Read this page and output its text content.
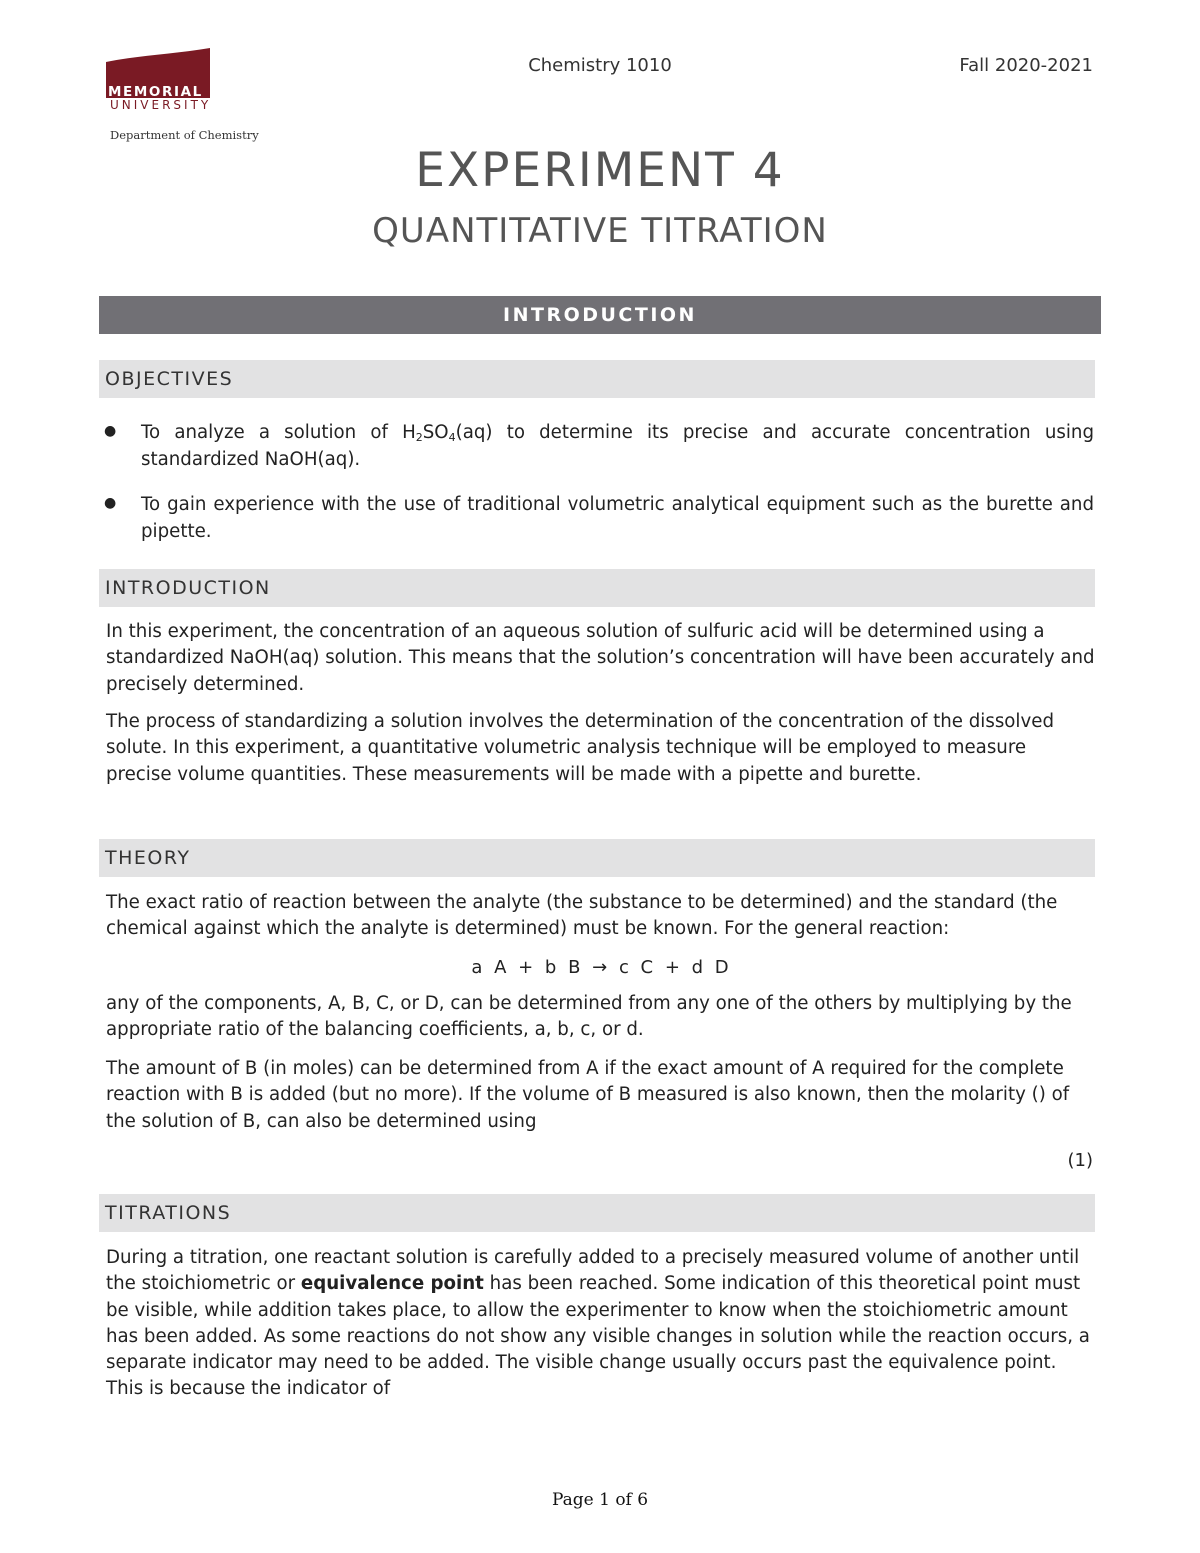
MEMORIAL
UNIVERSITY
Department of Chemistry
Chemistry 1010	Fall 2020-2021
EXPERIMENT 4
QUANTITATIVE TITRATION
INTRODUCTION
OBJECTIVES
● To analyze a solution of $H_2SO_4(aq)$ to determine its precise and accurate concentration using standardized NaOH(aq).
● To gain experience with the use of traditional volumetric analytical equipment such as the burette and pipette.
INTRODUCTION
In this experiment, the concentration of an aqueous solution of sulfuric acid will be determined using a standardized NaOH(aq) solution. This means that the solution’s concentration will have been accurately and precisely determined.
The process of standardizing a solution involves the determination of the concentration of the dissolved solute. In this experiment, a quantitative volumetric analysis technique will be employed to measure precise volume quantities. These measurements will be made with a pipette and burette.
THEORY
The exact ratio of reaction between the analyte (the substance to be determined) and the standard (the chemical against which the analyte is determined) must be known. For the general reaction:
a A + b B → c C + d D
any of the components, A, B, C, or D, can be determined from any one of the others by multiplying by the appropriate ratio of the balancing coefficients, a, b, c, or d.
The amount of B (in moles) can be determined from A if the exact amount of A required for the complete reaction with B is added (but no more). If the volume of B measured is also known, then the molarity () of the solution of B, can also be determined using
(1)
TITRATIONS
During a titration, one reactant solution is carefully added to a precisely measured volume of another until the stoichiometric or equivalence point has been reached. Some indication of this theoretical point must be visible, while addition takes place, to allow the experimenter to know when the stoichiometric amount has been added. As some reactions do not show any visible changes in solution while the reaction occurs, a separate indicator may need to be added. The visible change usually occurs past the equivalence point. This is because the indicator of
Page 1 of 6
